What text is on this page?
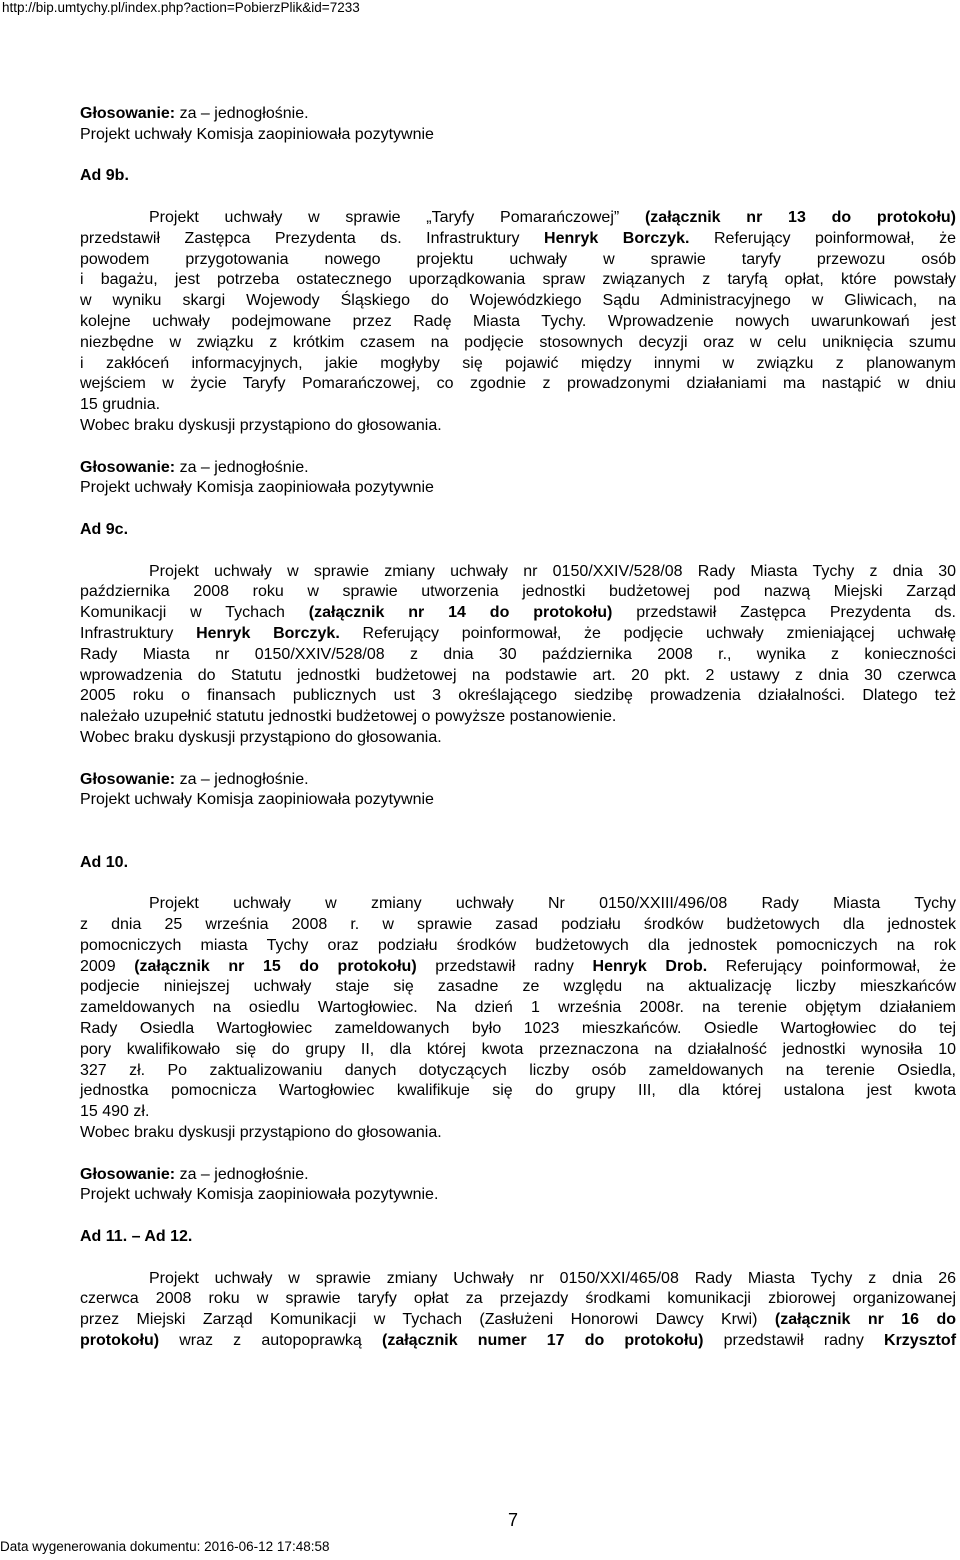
http://bip.umtychy.pl/index.php?action=PobierzPlik&id=7233
Głosowanie: za – jednogłośnie.
Projekt uchwały Komisja zaopiniowała pozytywnie
Ad 9b.
Projekt uchwały w sprawie „Taryfy Pomarańczowej” (załącznik nr 13 do protokołu)
przedstawił Zastępca Prezydenta ds. Infrastruktury Henryk Borczyk. Referujący poinformował, że
powodem przygotowania nowego projektu uchwały w sprawie taryfy przewozu osób
i bagażu, jest potrzeba ostatecznego uporządkowania spraw związanych z taryfą opłat, które powstały
w wyniku skargi Wojewody Śląskiego do Wojewódzkiego Sądu Administracyjnego w Gliwicach, na
kolejne uchwały podejmowane przez Radę Miasta Tychy. Wprowadzenie nowych uwarunkowań jest
niezbędne w związku z krótkim czasem na podjęcie stosownych decyzji oraz w celu uniknięcia szumu
i zakłóceń informacyjnych, jakie mogłyby się pojawić między innymi w związku z planowanym
wejściem w życie Taryfy Pomarańczowej, co zgodnie z prowadzonymi działaniami ma nastąpić w dniu
15 grudnia.
Wobec braku dyskusji przystąpiono do głosowania.
Głosowanie: za – jednogłośnie.
Projekt uchwały Komisja zaopiniowała pozytywnie
Ad 9c.
Projekt uchwały w sprawie zmiany uchwały nr 0150/XXIV/528/08 Rady Miasta Tychy z dnia 30
października 2008 roku w sprawie utworzenia jednostki budżetowej pod nazwą Miejski Zarząd
Komunikacji w Tychach (załącznik nr 14 do protokołu) przedstawił Zastępca Prezydenta ds.
Infrastruktury Henryk Borczyk. Referujący poinformował, że podjęcie uchwały zmieniającej uchwałę
Rady Miasta nr 0150/XXIV/528/08 z dnia 30 października 2008 r., wynika z konieczności
wprowadzenia do Statutu jednostki budżetowej na podstawie art. 20 pkt. 2 ustawy z dnia 30 czerwca
2005 roku o finansach publicznych ust 3 określającego siedzibę prowadzenia działalności. Dlatego też
należało uzupełnić statutu jednostki budżetowej o powyższe postanowienie.
Wobec braku dyskusji przystąpiono do głosowania.
Głosowanie: za – jednogłośnie.
Projekt uchwały Komisja zaopiniowała pozytywnie
Ad 10.
Projekt uchwały w zmiany uchwały Nr 0150/XXIII/496/08 Rady Miasta Tychy
z dnia 25 września 2008 r. w sprawie zasad podziału środków budżetowych dla jednostek
pomocniczych miasta Tychy oraz podziału środków budżetowych dla jednostek pomocniczych na rok
2009 (załącznik nr 15 do protokołu) przedstawił radny Henryk Drob. Referujący poinformował, że
podjecie niniejszej uchwały staje się zasadne ze względu na aktualizację liczby mieszkańców
zameldowanych na osiedlu Wartogłowiec. Na dzień 1 września 2008r. na terenie objętym działaniem
Rady Osiedla Wartogłowiec zameldowanych było 1023 mieszkańców. Osiedle Wartogłowiec do tej
pory kwalifikowało się do grupy II, dla której kwota przeznaczona na działalność jednostki wynosiła 10
327 zł. Po zaktualizowaniu danych dotyczących liczby osób zameldowanych na terenie Osiedla,
jednostka pomocnicza Wartogłowiec kwalifikuje się do grupy III, dla której ustalona jest kwota
15 490 zł.
Wobec braku dyskusji przystąpiono do głosowania.
Głosowanie: za – jednogłośnie.
Projekt uchwały Komisja zaopiniowała pozytywnie.
Ad 11. – Ad 12.
Projekt uchwały w sprawie zmiany Uchwały nr 0150/XXI/465/08 Rady Miasta Tychy z dnia 26
czerwca 2008 roku w sprawie taryfy opłat za przejazdy środkami komunikacji zbiorowej organizowanej
przez Miejski Zarząd Komunikacji w Tychach (Zasłużeni Honorowi Dawcy Krwi) (załącznik nr 16 do
protokołu) wraz z autopoprawką (załącznik numer 17 do protokołu) przedstawił radny Krzysztof
7
Data wygenerowania dokumentu: 2016-06-12 17:48:58
